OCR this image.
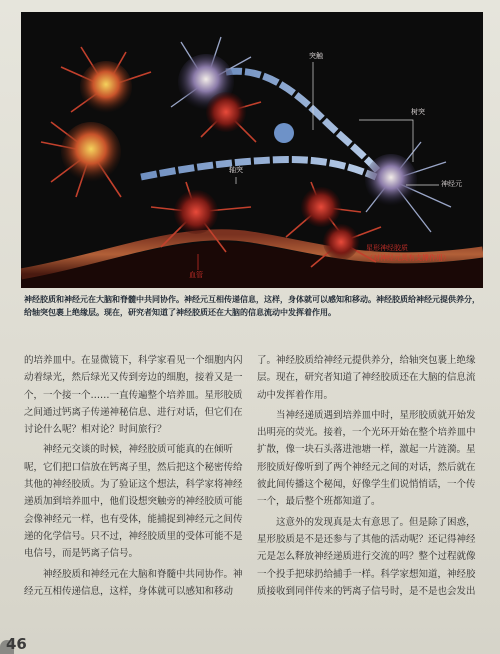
突触
树突
神经元
轴突
星形神经胶质
（对神经元具有支撑作用）
血管
神经胶质和神经元在大脑和脊髓中共同协作。神经元互相传递信息，这样，身体就可以感知和移动。神经胶质给神经元提供养分，给轴突包裹上绝缘层。现在，研究者知道了神经胶质还在大脑的信息流动中发挥着作用。

的培养皿中。在显微镜下，科学家看见一个细胞内闪动着绿光，然后绿光又传到旁边的细胞，接着又是一个，一个接一个……一直传遍整个培养皿。星形胶质之间通过钙离子传递神秘信息、进行对话，但它们在讨论什么呢？相对论？时间旅行？

神经元交谈的时候，神经胶质可能真的在倾听呢，它们把口信放在钙离子里，然后把这个秘密传给其他的神经胶质。为了验证这个想法，科学家将神经递质加到培养皿中，他们设想突触旁的神经胶质可能会像神经元一样，也有受体，能捕捉到神经元之间传递的化学信号。只不过，神经胶质里的受体可能不是电信号，而是钙离子信号。

神经胶质和神经元在大脑和脊髓中共同协作。神经元互相传递信息，这样，身体就可以感知和移动

了。神经胶质给神经元提供养分，给轴突包裹上绝缘层。现在，研究者知道了神经胶质还在大脑的信息流动中发挥着作用。

当神经递质遇到培养皿中时，星形胶质就开始发出明亮的荧光。接着，一个光环开始在整个培养皿中扩散，像一块石头落进池塘一样，激起一片涟漪。星形胶质好像听到了两个神经元之间的对话，然后就在彼此间传播这个秘闻，好像学生们说悄悄话，一个传一个，最后整个班都知道了。

这意外的发现真是太有意思了。但是除了困惑，星形胶质是不是还参与了其他的活动呢？还记得神经元是怎么释放神经递质进行交流的吗？整个过程就像一个投手把球扔给捕手一样。科学家想知道，神经胶质接收到同伴传来的钙离子信号时，是不是也会发出

46
